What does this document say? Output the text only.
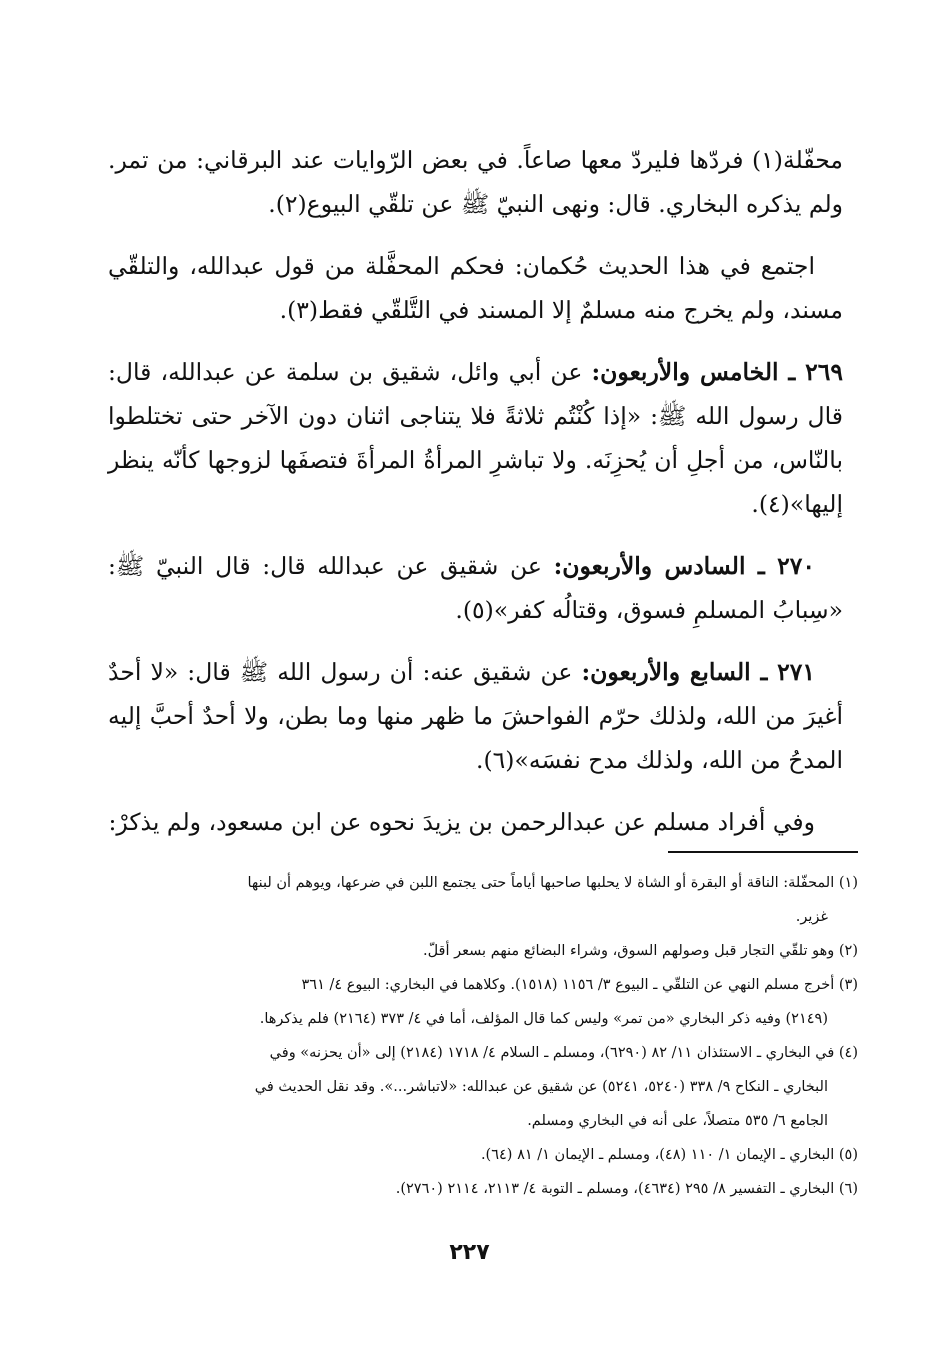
محفّلة(١) فردّها فليردّ معها صاعاً. في بعض الرّوايات عند البرقاني: من تمر. ولم يذكره البخاري. قال: ونهى النبيّ ﷺ عن تلقّي البيوع(٢).

اجتمع في هذا الحديث حُكمان: فحكم المحفَّلة من قول عبدالله، والتلقّي مسند، ولم يخرج منه مسلمٌ إلا المسند في التَّلقّي فقط(٣).

٢٦٩ ـ الخامس والأربعون: عن أبي وائل، شقيق بن سلمة عن عبدالله، قال: قال رسول الله ﷺ: «إذا كُنْتُم ثلاثةً فلا يتناجى اثنان دون الآخر حتى تختلطوا بالنّاس، من أجلِ أن يُحزِنَه. ولا تباشرِ المرأةُ المرأةَ فتصفَها لزوجها كأنّه ينظر إليها»(٤).

٢٧٠ ـ السادس والأربعون: عن شقيق عن عبدالله قال: قال النبيّ ﷺ: «سِبابُ المسلمِ فسوق، وقتالُه كفر»(٥).

٢٧١ ـ السابع والأربعون: عن شقيق عنه: أن رسول الله ﷺ قال: «لا أحدٌ أغيرَ من الله، ولذلك حرّم الفواحشَ ما ظهر منها وما بطن، ولا أحدٌ أحبَّ إليه المدحُ من الله، ولذلك مدح نفسَه»(٦).

وفي أفراد مسلم عن عبدالرحمن بن يزيدَ نحوه عن ابن مسعود، ولم يذكرْ:

(١) المحفّلة: الناقة أو البقرة أو الشاة لا يحلبها صاحبها أياماً حتى يجتمع اللبن في ضرعها، ويوهم أن لبنها

غزير.

(٢) وهو تلقّي التجار قبل وصولهم السوق، وشراء البضائع منهم بسعر أقلّ.

(٣) أخرج مسلم النهي عن التلقّي ـ البيوع ٣/ ١١٥٦ (١٥١٨). وكلاهما في البخاري: البيوع ٤/ ٣٦١

(٢١٤٩) وفيه ذكر البخاري «من تمر» وليس كما قال المؤلف، أما في ٤/ ٣٧٣ (٢١٦٤) فلم يذكرها.

(٤) في البخاري ـ الاستئذان ١١/ ٨٢ (٦٢٩٠)، ومسلم ـ السلام ٤/ ١٧١٨ (٢١٨٤) إلى «أن يحزنه» وفي

البخاري ـ النكاح ٩/ ٣٣٨ (٥٢٤٠، ٥٢٤١) عن شقيق عن عبدالله: «لاتباشر...». وقد نقل الحديث في

الجامع ٦/ ٥٣٥ متصلاً، على أنه في البخاري ومسلم.

(٥) البخاري ـ الإيمان ١/ ١١٠ (٤٨)، ومسلم ـ الإيمان ١/ ٨١ (٦٤).

(٦) البخاري ـ التفسير ٨/ ٢٩٥ (٤٦٣٤)، ومسلم ـ التوبة ٤/ ٢١١٣، ٢١١٤ (٢٧٦٠).

٢٢٧
